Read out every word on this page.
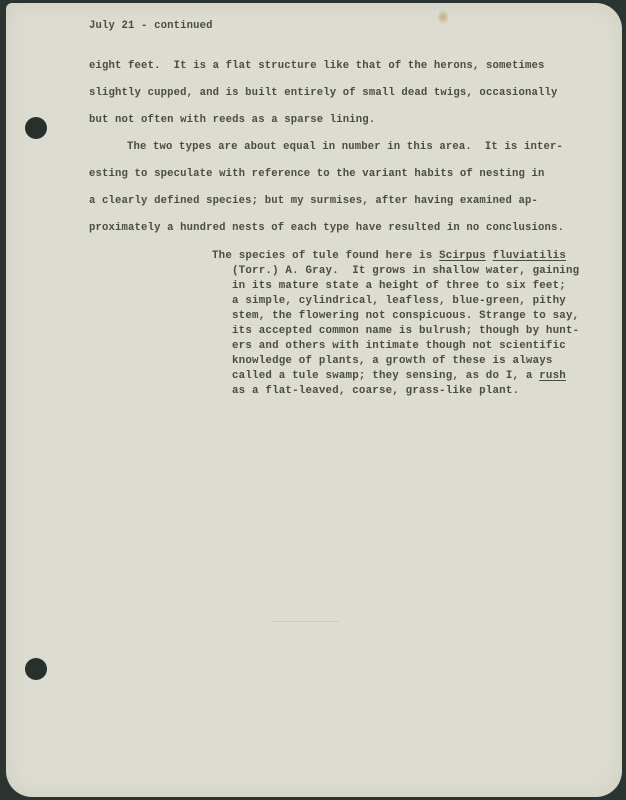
July 21 - continued
eight feet.  It is a flat structure like that of the herons, sometimes
slightly cupped, and is built entirely of small dead twigs, occasionally
but not often with reeds as a sparse lining.
The two types are about equal in number in this area.  It is inter-
esting to speculate with reference to the variant habits of nesting in
a clearly defined species; but my surmises, after having examined ap-
proximately a hundred nests of each type have resulted in no conclusions.
The species of tule found here is Scirpus fluviatilis
(Torr.) A. Gray.  It grows in shallow water, gaining
in its mature state a height of three to six feet;
a simple, cylindrical, leafless, blue-green, pithy
stem, the flowering not conspicuous. Strange to say,
its accepted common name is bulrush; though by hunt-
ers and others with intimate though not scientific
knowledge of plants, a growth of these is always
called a tule swamp; they sensing, as do I, a rush
as a flat-leaved, coarse, grass-like plant.
